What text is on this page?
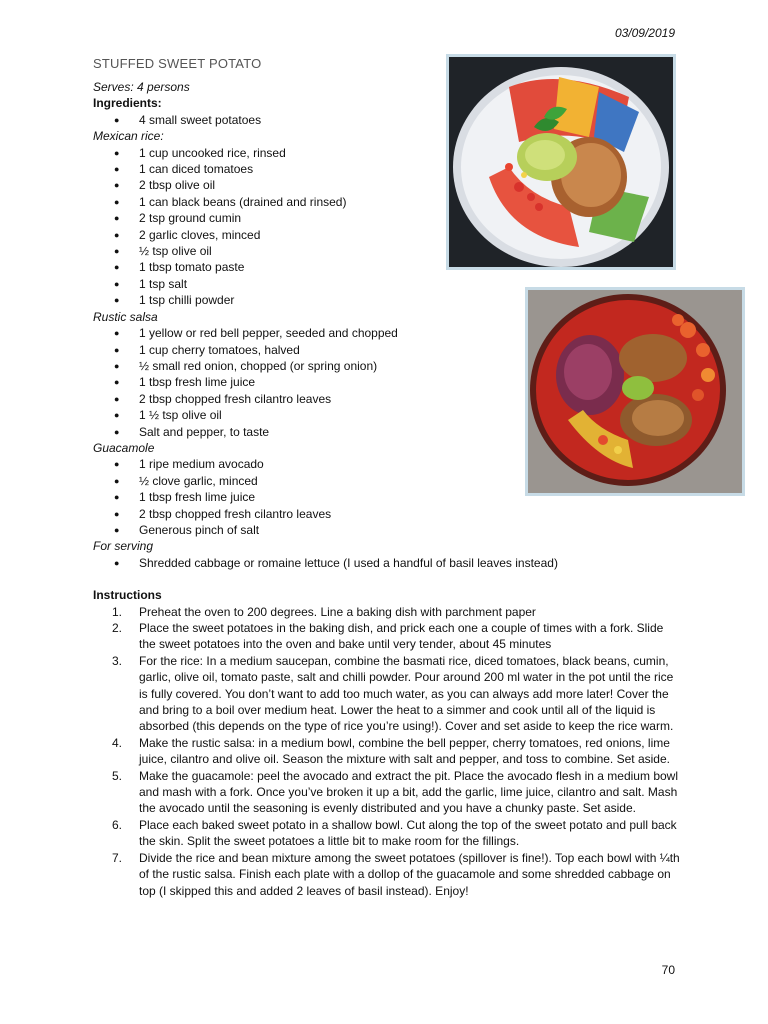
03/09/2019
STUFFED SWEET POTATO
Serves: 4 persons
Ingredients:
● 4 small sweet potatoes
Mexican rice:
● 1 cup uncooked rice, rinsed
● 1 can diced tomatoes
● 2 tbsp olive oil
● 1 can black beans (drained and rinsed)
● 2 tsp ground cumin
● 2 garlic cloves, minced
● ½ tsp olive oil
● 1 tbsp tomato paste
● 1 tsp salt
● 1 tsp chilli powder
Rustic salsa
● 1 yellow or red bell pepper, seeded and chopped
● 1 cup cherry tomatoes, halved
● ½ small red onion, chopped (or spring onion)
● 1 tbsp fresh lime juice
● 2 tbsp chopped fresh cilantro leaves
● 1 ½ tsp olive oil
● Salt and pepper, to taste
Guacamole
● 1 ripe medium avocado
● ½ clove garlic, minced
● 1 tbsp fresh lime juice
● 2 tbsp chopped fresh cilantro leaves
● Generous pinch of salt
For serving
● Shredded cabbage or romaine lettuce (I used a handful of basil leaves instead)
Instructions
1. Preheat the oven to 200 degrees. Line a baking dish with parchment paper
2. Place the sweet potatoes in the baking dish, and prick each one a couple of times with a fork. Slide the sweet potatoes into the oven and bake until very tender, about 45 minutes
3. For the rice: In a medium saucepan, combine the basmati rice, diced tomatoes, black beans, cumin, garlic, olive oil, tomato paste, salt and chilli powder. Pour around 200 ml water in the pot until the rice is fully covered. You don’t want to add too much water, as you can always add more later! Cover the and bring to a boil over medium heat. Lower the heat to a simmer and cook until all of the liquid is absorbed (this depends on the type of rice you’re using!). Cover and set aside to keep the rice warm.
4. Make the rustic salsa: in a medium bowl, combine the bell pepper, cherry tomatoes, red onions, lime juice, cilantro and olive oil. Season the mixture with salt and pepper, and toss to combine. Set aside.
5. Make the guacamole: peel the avocado and extract the pit. Place the avocado flesh in a medium bowl and mash with a fork. Once you’ve broken it up a bit, add the garlic, lime juice, cilantro and salt. Mash the avocado until the seasoning is evenly distributed and you have a chunky paste. Set aside.
6. Place each baked sweet potato in a shallow bowl. Cut along the top of the sweet potato and pull back the skin. Split the sweet potatoes a little bit to make room for the fillings.
7. Divide the rice and bean mixture among the sweet potatoes (spillover is fine!). Top each bowl with ¼th of the rustic salsa. Finish each plate with a dollop of the guacamole and some shredded cabbage on top (I skipped this and added 2 leaves of basil instead). Enjoy!
70
